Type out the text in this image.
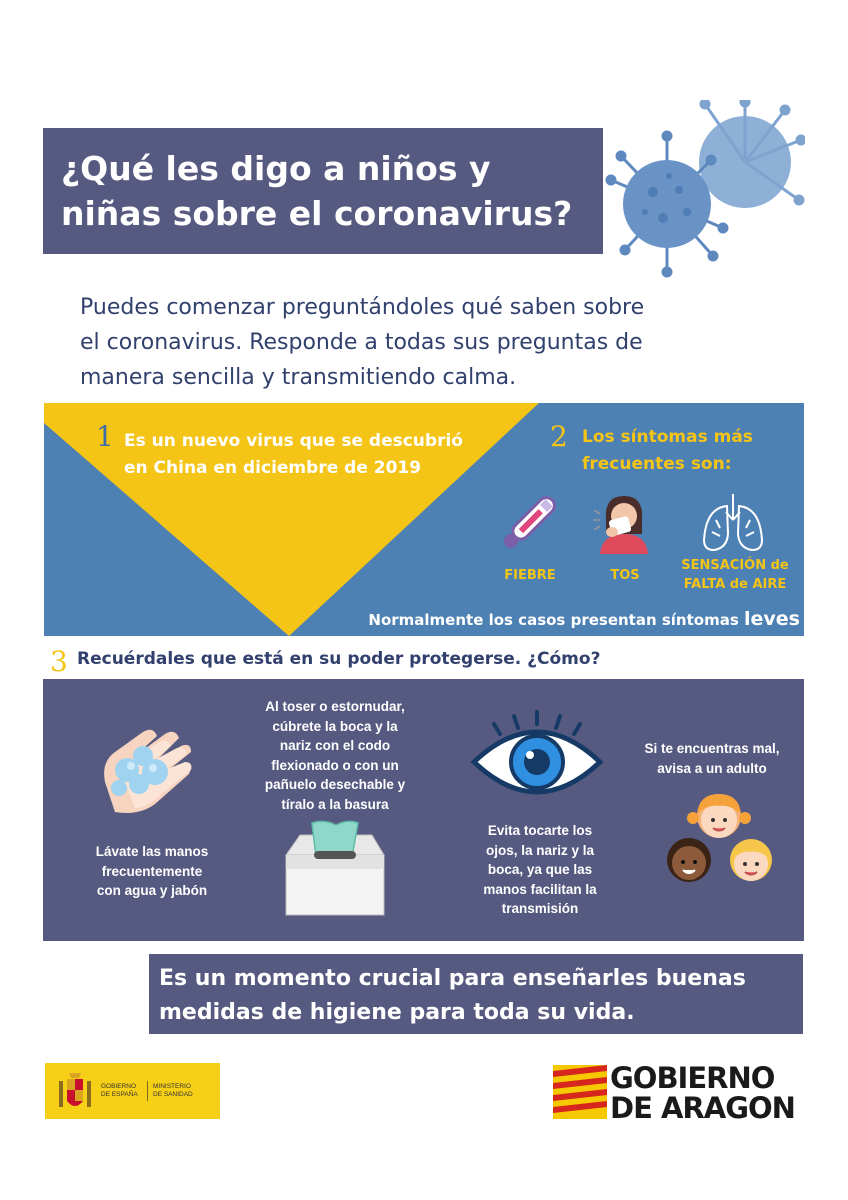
¿Qué les digo a niños y
niñas sobre el coronavirus?
Puedes comenzar preguntándoles qué saben sobre
el coronavirus. Responde a todas sus preguntas de
manera sencilla y transmitiendo calma.
1 Es un nuevo virus que se descubrió
en China en diciembre de 2019
2 Los síntomas más
frecuentes son:
FIEBRE	TOS
SENSACIÓN de
FALTA de AIRE
Normalmente los casos presentan síntomas leves
3 Recuérdales que está en su poder protegerse. ¿Cómo?
Lávate las manos
frecuentemente
con agua y jabón
Al toser o estornudar,
cúbrete la boca y la
nariz con el codo
flexionado o con un
pañuelo desechable y
tíralo a la basura
Evita tocarte los
ojos, la nariz y la
boca, ya que las
manos facilitan la
transmisión
Si te encuentras mal,
avisa a un adulto
Es un momento crucial para enseñarles buenas
medidas de higiene para toda su vida.
GOBIERNO
DE ESPAÑA
MINISTERIO
DE SANIDAD	GOBIERNO
DE ARAGON
